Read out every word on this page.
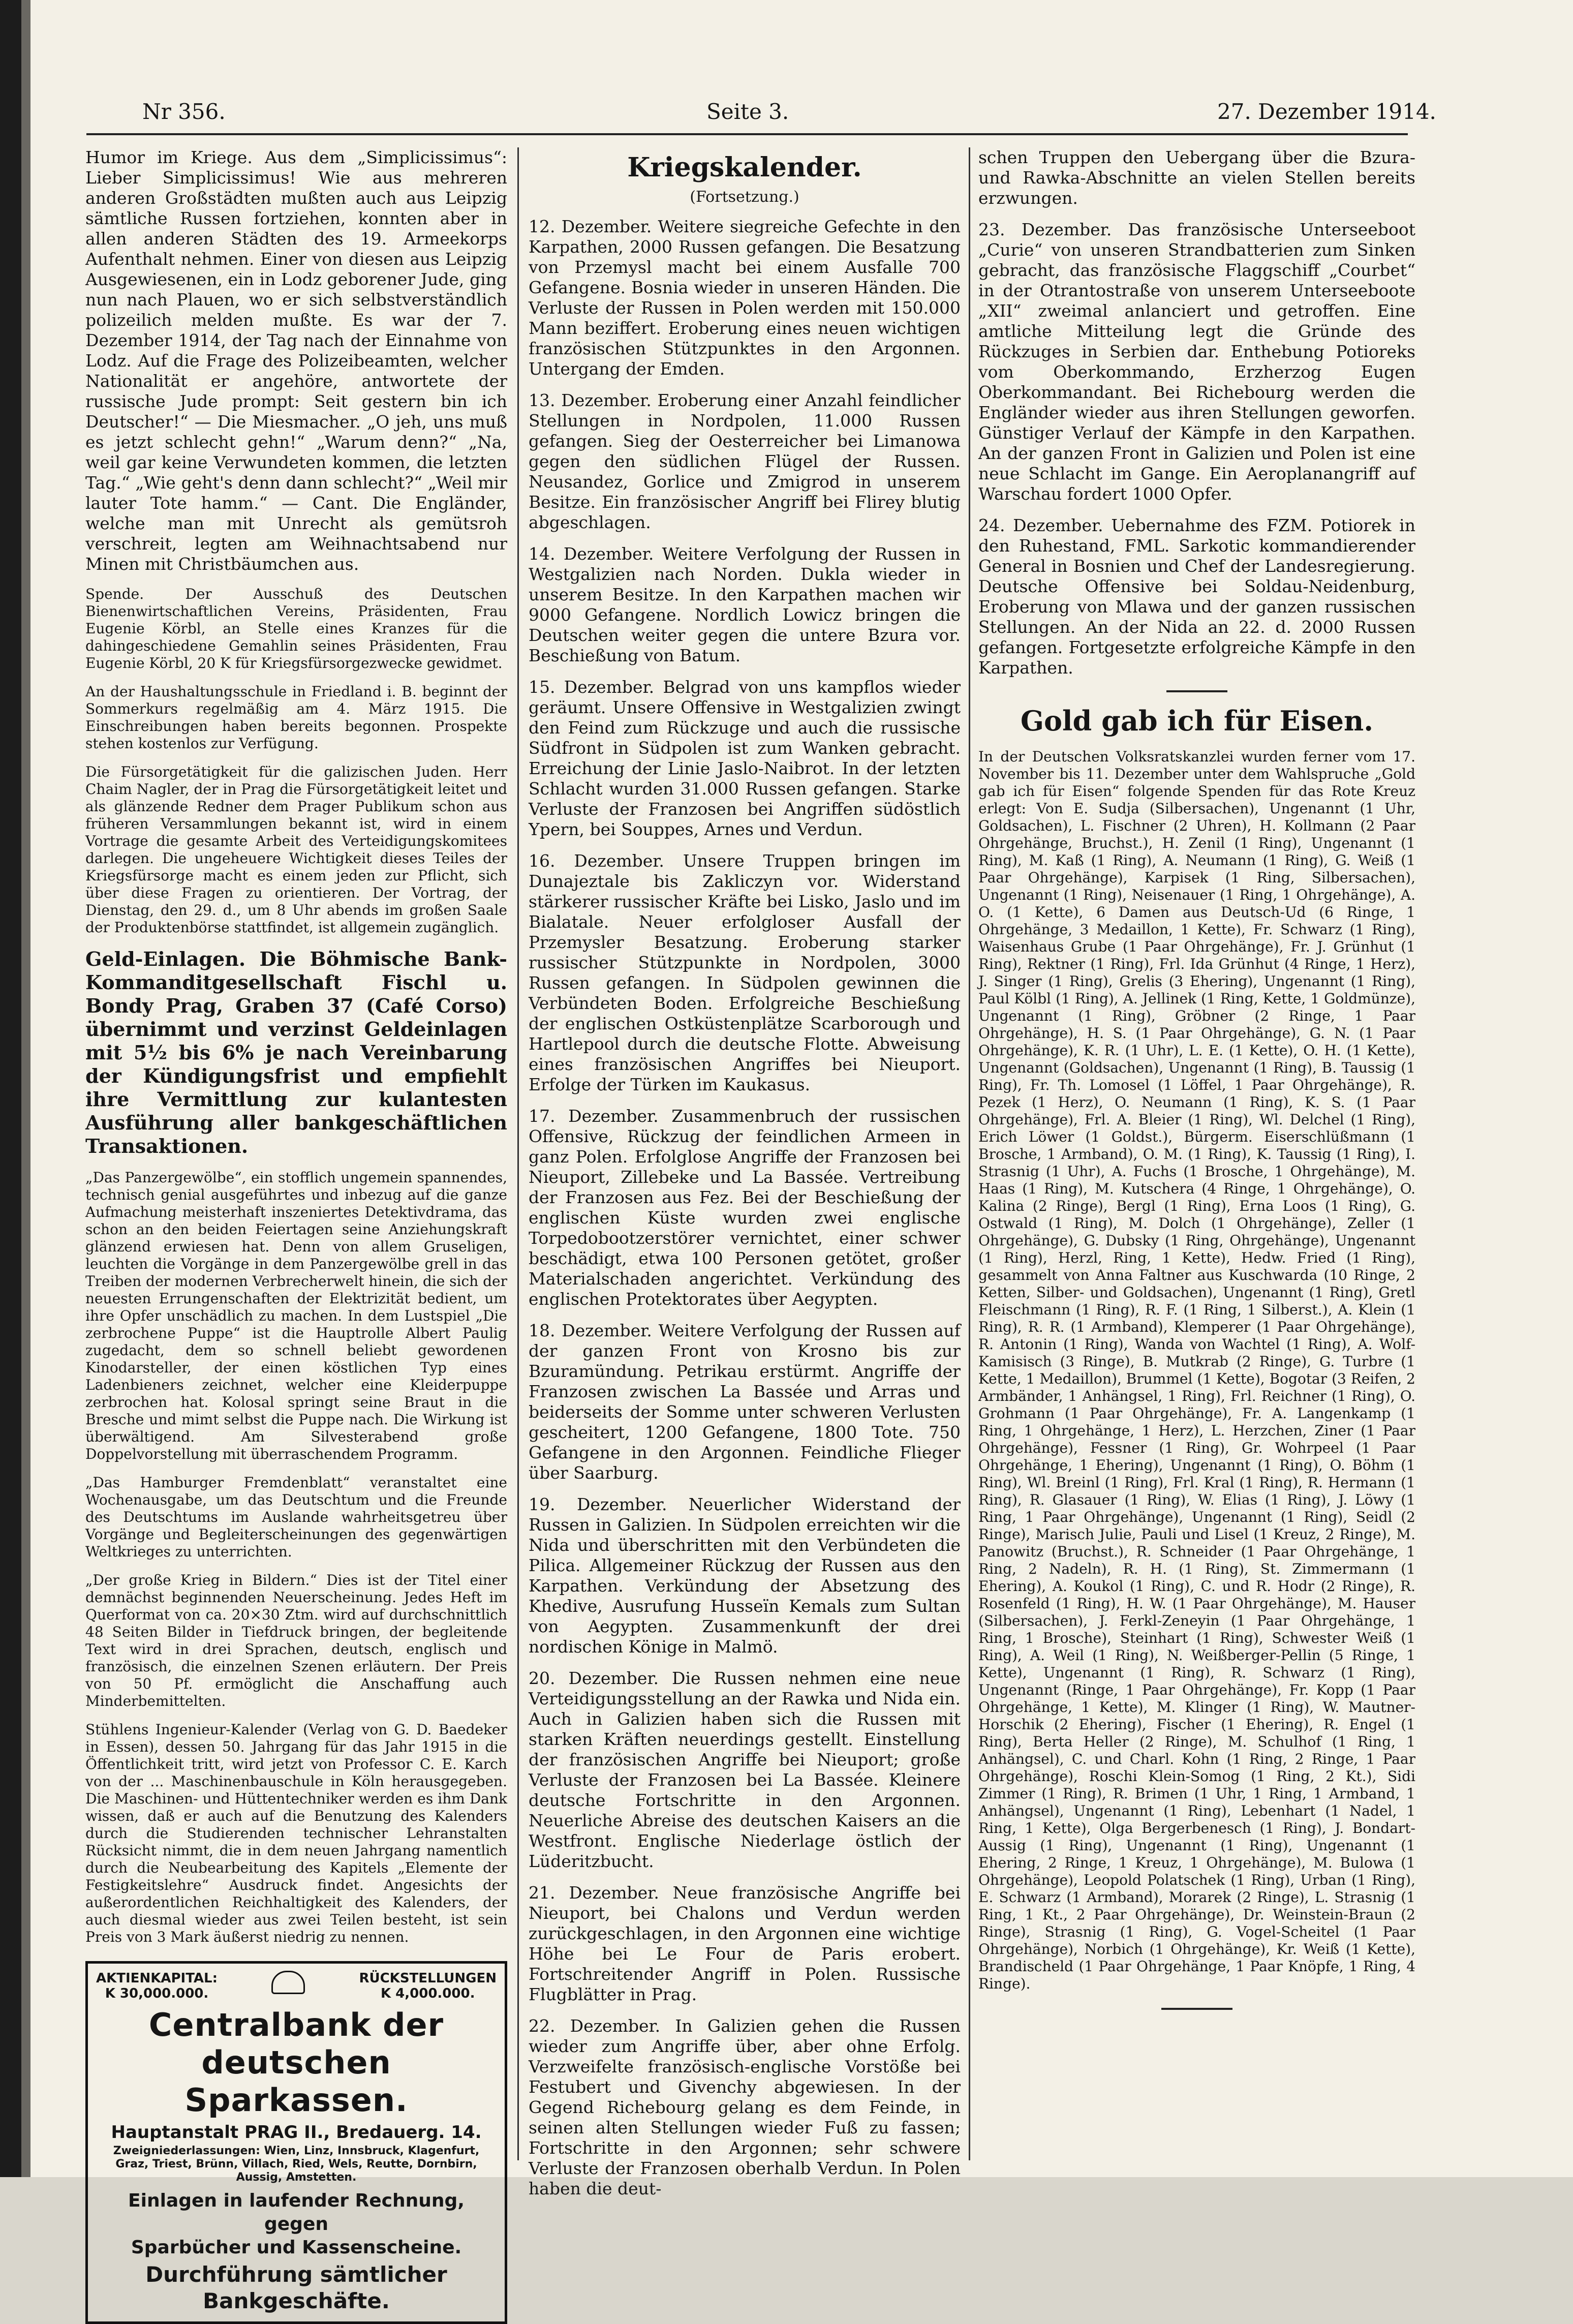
Nr 356.	Seite 3.	27. Dezember 1914.

Humor im Kriege. Aus dem „Simplicissimus“: Lieber Simplicissimus! Wie aus mehreren anderen Großstädten mußten auch aus Leipzig sämtliche Russen fortziehen, konnten aber in allen anderen Städten des 19. Armeekorps Aufenthalt nehmen. Einer von diesen aus Leipzig Ausgewiesenen, ein in Lodz geborener Jude, ging nun nach Plauen, wo er sich selbstverständlich polizeilich melden mußte. Es war der 7. Dezember 1914, der Tag nach der Einnahme von Lodz. Auf die Frage des Polizeibeamten, welcher Nationalität er angehöre, antwortete der russische Jude prompt: Seit gestern bin ich Deutscher!“ — Die Miesmacher. „O jeh, uns muß es jetzt schlecht gehn!“ „Warum denn?“ „Na, weil gar keine Verwundeten kommen, die letzten Tag.“ „Wie geht's denn dann schlecht?“ „Weil mir lauter Tote hamm.“ — Cant. Die Engländer, welche man mit Unrecht als gemütsroh verschreit, legten am Weihnachtsabend nur Minen mit Christbäumchen aus.

Spende. Der Ausschuß des Deutschen Bienenwirtschaftlichen Vereins, Präsidenten, Frau Eugenie Körbl, an Stelle eines Kranzes für die dahingeschiedene Gemahlin seines Präsidenten, Frau Eugenie Körbl, 20 K für Kriegsfürsorgezwecke gewidmet.

An der Haushaltungsschule in Friedland i. B. beginnt der Sommerkurs regelmäßig am 4. März 1915. Die Einschreibungen haben bereits begonnen. Prospekte stehen kostenlos zur Verfügung.

Die Fürsorgetätigkeit für die galizischen Juden. Herr Chaim Nagler, der in Prag die Fürsorgetätigkeit leitet und als glänzende Redner dem Prager Publikum schon aus früheren Versammlungen bekannt ist, wird in einem Vortrage die gesamte Arbeit des Verteidigungskomitees darlegen. Die ungeheuere Wichtigkeit dieses Teiles der Kriegsfürsorge macht es einem jeden zur Pflicht, sich über diese Fragen zu orientieren. Der Vortrag, der Dienstag, den 29. d., um 8 Uhr abends im großen Saale der Produktenbörse stattfindet, ist allgemein zugänglich.

Geld-Einlagen. Die Böhmische Bank-Kommanditgesellschaft Fischl u. Bondy Prag, Graben 37 (Café Corso) übernimmt und verzinst Geldeinlagen mit 5½ bis 6% je nach Vereinbarung der Kündigungsfrist und empfiehlt ihre Vermittlung zur kulantesten Ausführung aller bankgeschäftlichen Transaktionen.

„Das Panzergewölbe“, ein stofflich ungemein spannendes, technisch genial ausgeführtes und inbezug auf die ganze Aufmachung meisterhaft inszeniertes Detektivdrama, das schon an den beiden Feiertagen seine Anziehungskraft glänzend erwiesen hat. Denn von allem Gruseligen, leuchten die Vorgänge in dem Panzergewölbe grell in das Treiben der modernen Verbrecherwelt hinein, die sich der neuesten Errungenschaften der Elektrizität bedient, um ihre Opfer unschädlich zu machen. In dem Lustspiel „Die zerbrochene Puppe“ ist die Hauptrolle Albert Paulig zugedacht, dem so schnell beliebt gewordenen Kinodarsteller, der einen köstlichen Typ eines Ladenbieners zeichnet, welcher eine Kleiderpuppe zerbrochen hat. Kolosal springt seine Braut in die Bresche und mimt selbst die Puppe nach. Die Wirkung ist überwältigend. Am Silvesterabend große Doppelvorstellung mit überraschendem Programm.

„Das Hamburger Fremdenblatt“ veranstaltet eine Wochenausgabe, um das Deutschtum und die Freunde des Deutschtums im Auslande wahrheitsgetreu über Vorgänge und Begleiterscheinungen des gegenwärtigen Weltkrieges zu unterrichten.

„Der große Krieg in Bildern.“ Dies ist der Titel einer demnächst beginnenden Neuerscheinung. Jedes Heft im Querformat von ca. 20×30 Ztm. wird auf durchschnittlich 48 Seiten Bilder in Tiefdruck bringen, der begleitende Text wird in drei Sprachen, deutsch, englisch und französisch, die einzelnen Szenen erläutern. Der Preis von 50 Pf. ermöglicht die Anschaffung auch Minderbemittelten.

Stühlens Ingenieur-Kalender (Verlag von G. D. Baedeker in Essen), dessen 50. Jahrgang für das Jahr 1915 in die Öffentlichkeit tritt, wird jetzt von Professor C. E. Karch von der ... Maschinenbauschule in Köln herausgegeben. Die Maschinen- und Hüttentechniker werden es ihm Dank wissen, daß er auch auf die Benutzung des Kalenders durch die Studierenden technischer Lehranstalten Rücksicht nimmt, die in dem neuen Jahrgang namentlich durch die Neubearbeitung des Kapitels „Elemente der Festigkeitslehre“ Ausdruck findet. Angesichts der außerordentlichen Reichhaltigkeit des Kalenders, der auch diesmal wieder aus zwei Teilen besteht, ist sein Preis von 3 Mark äußerst niedrig zu nennen.

AKTIENKAPITAL:
K 30,000.000.
RÜCKSTELLUNGEN
K 4,000.000.
Centralbank der deutschen Sparkassen.
Hauptanstalt PRAG II., Bredauerg. 14.
Zweigniederlassungen: Wien, Linz, Innsbruck, Klagenfurt, Graz, Triest, Brünn, Villach, Ried, Wels, Reutte, Dornbirn, Aussig, Amstetten.
Einlagen in laufender Rechnung, gegen
Sparbücher und Kassenscheine.
Durchführung sämtlicher Bankgeschäfte.
Kriegskalender.
(Fortsetzung.)

12. Dezember. Weitere siegreiche Gefechte in den Karpathen, 2000 Russen gefangen. Die Besatzung von Przemysl macht bei einem Ausfalle 700 Gefangene. Bosnia wieder in unseren Händen. Die Verluste der Russen in Polen werden mit 150.000 Mann beziffert. Eroberung eines neuen wichtigen französischen Stützpunktes in den Argonnen. Untergang der Emden.

13. Dezember. Eroberung einer Anzahl feindlicher Stellungen in Nordpolen, 11.000 Russen gefangen. Sieg der Oesterreicher bei Limanowa gegen den südlichen Flügel der Russen. Neusandez, Gorlice und Zmigrod in unserem Besitze. Ein französischer Angriff bei Flirey blutig abgeschlagen.

14. Dezember. Weitere Verfolgung der Russen in Westgalizien nach Norden. Dukla wieder in unserem Besitze. In den Karpathen machen wir 9000 Gefangene. Nordlich Lowicz bringen die Deutschen weiter gegen die untere Bzura vor. Beschießung von Batum.

15. Dezember. Belgrad von uns kampflos wieder geräumt. Unsere Offensive in Westgalizien zwingt den Feind zum Rückzuge und auch die russische Südfront in Südpolen ist zum Wanken gebracht. Erreichung der Linie Jaslo-Naibrot. In der letzten Schlacht wurden 31.000 Russen gefangen. Starke Verluste der Franzosen bei Angriffen südöstlich Ypern, bei Souppes, Arnes und Verdun.

16. Dezember. Unsere Truppen bringen im Dunajeztale bis Zakliczyn vor. Widerstand stärkerer russischer Kräfte bei Lisko, Jaslo und im Bialatale. Neuer erfolgloser Ausfall der Przemysler Besatzung. Eroberung starker russischer Stützpunkte in Nordpolen, 3000 Russen gefangen. In Südpolen gewinnen die Verbündeten Boden. Erfolgreiche Beschießung der englischen Ostküstenplätze Scarborough und Hartlepool durch die deutsche Flotte. Abweisung eines französischen Angriffes bei Nieuport. Erfolge der Türken im Kaukasus.

17. Dezember. Zusammenbruch der russischen Offensive, Rückzug der feindlichen Armeen in ganz Polen. Erfolglose Angriffe der Franzosen bei Nieuport, Zillebeke und La Bassée. Vertreibung der Franzosen aus Fez. Bei der Beschießung der englischen Küste wurden zwei englische Torpedobootzerstörer vernichtet, einer schwer beschädigt, etwa 100 Personen getötet, großer Materialschaden angerichtet. Verkündung des englischen Protektorates über Aegypten.

18. Dezember. Weitere Verfolgung der Russen auf der ganzen Front von Krosno bis zur Bzuramündung. Petrikau erstürmt. Angriffe der Franzosen zwischen La Bassée und Arras und beiderseits der Somme unter schweren Verlusten gescheitert, 1200 Gefangene, 1800 Tote. 750 Gefangene in den Argonnen. Feindliche Flieger über Saarburg.

19. Dezember. Neuerlicher Widerstand der Russen in Galizien. In Südpolen erreichten wir die Nida und überschritten mit den Verbündeten die Pilica. Allgemeiner Rückzug der Russen aus den Karpathen. Verkündung der Absetzung des Khedive, Ausrufung Husseïn Kemals zum Sultan von Aegypten. Zusammenkunft der drei nordischen Könige in Malmö.

20. Dezember. Die Russen nehmen eine neue Verteidigungsstellung an der Rawka und Nida ein. Auch in Galizien haben sich die Russen mit starken Kräften neuerdings gestellt. Einstellung der französischen Angriffe bei Nieuport; große Verluste der Franzosen bei La Bassée. Kleinere deutsche Fortschritte in den Argonnen. Neuerliche Abreise des deutschen Kaisers an die Westfront. Englische Niederlage östlich der Lüderitzbucht.

21. Dezember. Neue französische Angriffe bei Nieuport, bei Chalons und Verdun werden zurückgeschlagen, in den Argonnen eine wichtige Höhe bei Le Four de Paris erobert. Fortschreitender Angriff in Polen. Russische Flugblätter in Prag.

22. Dezember. In Galizien gehen die Russen wieder zum Angriffe über, aber ohne Erfolg. Verzweifelte französisch-englische Vorstöße bei Festubert und Givenchy abgewiesen. In der Gegend Richebourg gelang es dem Feinde, in seinen alten Stellungen wieder Fuß zu fassen; Fortschritte in den Argonnen; sehr schwere Verluste der Franzosen oberhalb Verdun. In Polen haben die deut-

schen Truppen den Uebergang über die Bzura- und Rawka-Abschnitte an vielen Stellen bereits erzwungen.

23. Dezember. Das französische Unterseeboot „Curie“ von unseren Strandbatterien zum Sinken gebracht, das französische Flaggschiff „Courbet“ in der Otrantostraße von unserem Unterseeboote „XII“ zweimal anlanciert und getroffen. Eine amtliche Mitteilung legt die Gründe des Rückzuges in Serbien dar. Enthebung Potioreks vom Oberkommando, Erzherzog Eugen Oberkommandant. Bei Richebourg werden die Engländer wieder aus ihren Stellungen geworfen. Günstiger Verlauf der Kämpfe in den Karpathen. An der ganzen Front in Galizien und Polen ist eine neue Schlacht im Gange. Ein Aeroplanangriff auf Warschau fordert 1000 Opfer.

24. Dezember. Uebernahme des FZM. Potiorek in den Ruhestand, FML. Sarkotic kommandierender General in Bosnien und Chef der Landesregierung. Deutsche Offensive bei Soldau-Neidenburg, Eroberung von Mlawa und der ganzen russischen Stellungen. An der Nida an 22. d. 2000 Russen gefangen. Fortgesetzte erfolgreiche Kämpfe in den Karpathen.

Gold gab ich für Eisen.

In der Deutschen Volksratskanzlei wurden ferner vom 17. November bis 11. Dezember unter dem Wahlspruche „Gold gab ich für Eisen“ folgende Spenden für das Rote Kreuz erlegt: Von E. Sudja (Silbersachen), Ungenannt (1 Uhr, Goldsachen), L. Fischner (2 Uhren), H. Kollmann (2 Paar Ohrgehänge, Bruchst.), H. Zenil (1 Ring), Ungenannt (1 Ring), M. Kaß (1 Ring), A. Neumann (1 Ring), G. Weiß (1 Paar Ohrgehänge), Karpisek (1 Ring, Silbersachen), Ungenannt (1 Ring), Neisenauer (1 Ring, 1 Ohrgehänge), A. O. (1 Kette), 6 Damen aus Deutsch-Ud (6 Ringe, 1 Ohrgehänge, 3 Medaillon, 1 Kette), Fr. Schwarz (1 Ring), Waisenhaus Grube (1 Paar Ohrgehänge), Fr. J. Grünhut (1 Ring), Rektner (1 Ring), Frl. Ida Grünhut (4 Ringe, 1 Herz), J. Singer (1 Ring), Grelis (3 Ehering), Ungenannt (1 Ring), Paul Kölbl (1 Ring), A. Jellinek (1 Ring, Kette, 1 Goldmünze), Ungenannt (1 Ring), Gröbner (2 Ringe, 1 Paar Ohrgehänge), H. S. (1 Paar Ohrgehänge), G. N. (1 Paar Ohrgehänge), K. R. (1 Uhr), L. E. (1 Kette), O. H. (1 Kette), Ungenannt (Goldsachen), Ungenannt (1 Ring), B. Taussig (1 Ring), Fr. Th. Lomosel (1 Löffel, 1 Paar Ohrgehänge), R. Pezek (1 Herz), O. Neumann (1 Ring), K. S. (1 Paar Ohrgehänge), Frl. A. Bleier (1 Ring), Wl. Delchel (1 Ring), Erich Löwer (1 Goldst.), Bürgerm. Eiserschlüßmann (1 Brosche, 1 Armband), O. M. (1 Ring), K. Taussig (1 Ring), I. Strasnig (1 Uhr), A. Fuchs (1 Brosche, 1 Ohrgehänge), M. Haas (1 Ring), M. Kutschera (4 Ringe, 1 Ohrgehänge), O. Kalina (2 Ringe), Bergl (1 Ring), Erna Loos (1 Ring), G. Ostwald (1 Ring), M. Dolch (1 Ohrgehänge), Zeller (1 Ohrgehänge), G. Dubsky (1 Ring, Ohrgehänge), Ungenannt (1 Ring), Herzl, Ring, 1 Kette), Hedw. Fried (1 Ring), gesammelt von Anna Faltner aus Kuschwarda (10 Ringe, 2 Ketten, Silber- und Goldsachen), Ungenannt (1 Ring), Gretl Fleischmann (1 Ring), R. F. (1 Ring, 1 Silberst.), A. Klein (1 Ring), R. R. (1 Armband), Klemperer (1 Paar Ohrgehänge), R. Antonin (1 Ring), Wanda von Wachtel (1 Ring), A. Wolf-Kamisisch (3 Ringe), B. Mutkrab (2 Ringe), G. Turbre (1 Kette, 1 Medaillon), Brummel (1 Kette), Bogotar (3 Reifen, 2 Armbänder, 1 Anhängsel, 1 Ring), Frl. Reichner (1 Ring), O. Grohmann (1 Paar Ohrgehänge), Fr. A. Langenkamp (1 Ring, 1 Ohrgehänge, 1 Herz), L. Herzchen, Ziner (1 Paar Ohrgehänge), Fessner (1 Ring), Gr. Wohrpeel (1 Paar Ohrgehänge, 1 Ehering), Ungenannt (1 Ring), O. Böhm (1 Ring), Wl. Breinl (1 Ring), Frl. Kral (1 Ring), R. Hermann (1 Ring), R. Glasauer (1 Ring), W. Elias (1 Ring), J. Löwy (1 Ring, 1 Paar Ohrgehänge), Ungenannt (1 Ring), Seidl (2 Ringe), Marisch Julie, Pauli und Lisel (1 Kreuz, 2 Ringe), M. Panowitz (Bruchst.), R. Schneider (1 Paar Ohrgehänge, 1 Ring, 2 Nadeln), R. H. (1 Ring), St. Zimmermann (1 Ehering), A. Koukol (1 Ring), C. und R. Hodr (2 Ringe), R. Rosenfeld (1 Ring), H. W. (1 Paar Ohrgehänge), M. Hauser (Silbersachen), J. Ferkl-Zeneyin (1 Paar Ohrgehänge, 1 Ring, 1 Brosche), Steinhart (1 Ring), Schwester Weiß (1 Ring), A. Weil (1 Ring), N. Weißberger-Pellin (5 Ringe, 1 Kette), Ungenannt (1 Ring), R. Schwarz (1 Ring), Ungenannt (Ringe, 1 Paar Ohrgehänge), Fr. Kopp (1 Paar Ohrgehänge, 1 Kette), M. Klinger (1 Ring), W. Mautner-Horschik (2 Ehering), Fischer (1 Ehering), R. Engel (1 Ring), Berta Heller (2 Ringe), M. Schulhof (1 Ring, 1 Anhängsel), C. und Charl. Kohn (1 Ring, 2 Ringe, 1 Paar Ohrgehänge), Roschi Klein-Somog (1 Ring, 2 Kt.), Sidi Zimmer (1 Ring), R. Brimen (1 Uhr, 1 Ring, 1 Armband, 1 Anhängsel), Ungenannt (1 Ring), Lebenhart (1 Nadel, 1 Ring, 1 Kette), Olga Bergerbenesch (1 Ring), J. Bondart-Aussig (1 Ring), Ungenannt (1 Ring), Ungenannt (1 Ehering, 2 Ringe, 1 Kreuz, 1 Ohrgehänge), M. Bulowa (1 Ohrgehänge), Leopold Polatschek (1 Ring), Urban (1 Ring), E. Schwarz (1 Armband), Morarek (2 Ringe), L. Strasnig (1 Ring, 1 Kt., 2 Paar Ohrgehänge), Dr. Weinstein-Braun (2 Ringe), Strasnig (1 Ring), G. Vogel-Scheitel (1 Paar Ohrgehänge), Norbich (1 Ohrgehänge), Kr. Weiß (1 Kette), Brandischeld (1 Paar Ohrgehänge, 1 Paar Knöpfe, 1 Ring, 4 Ringe).
